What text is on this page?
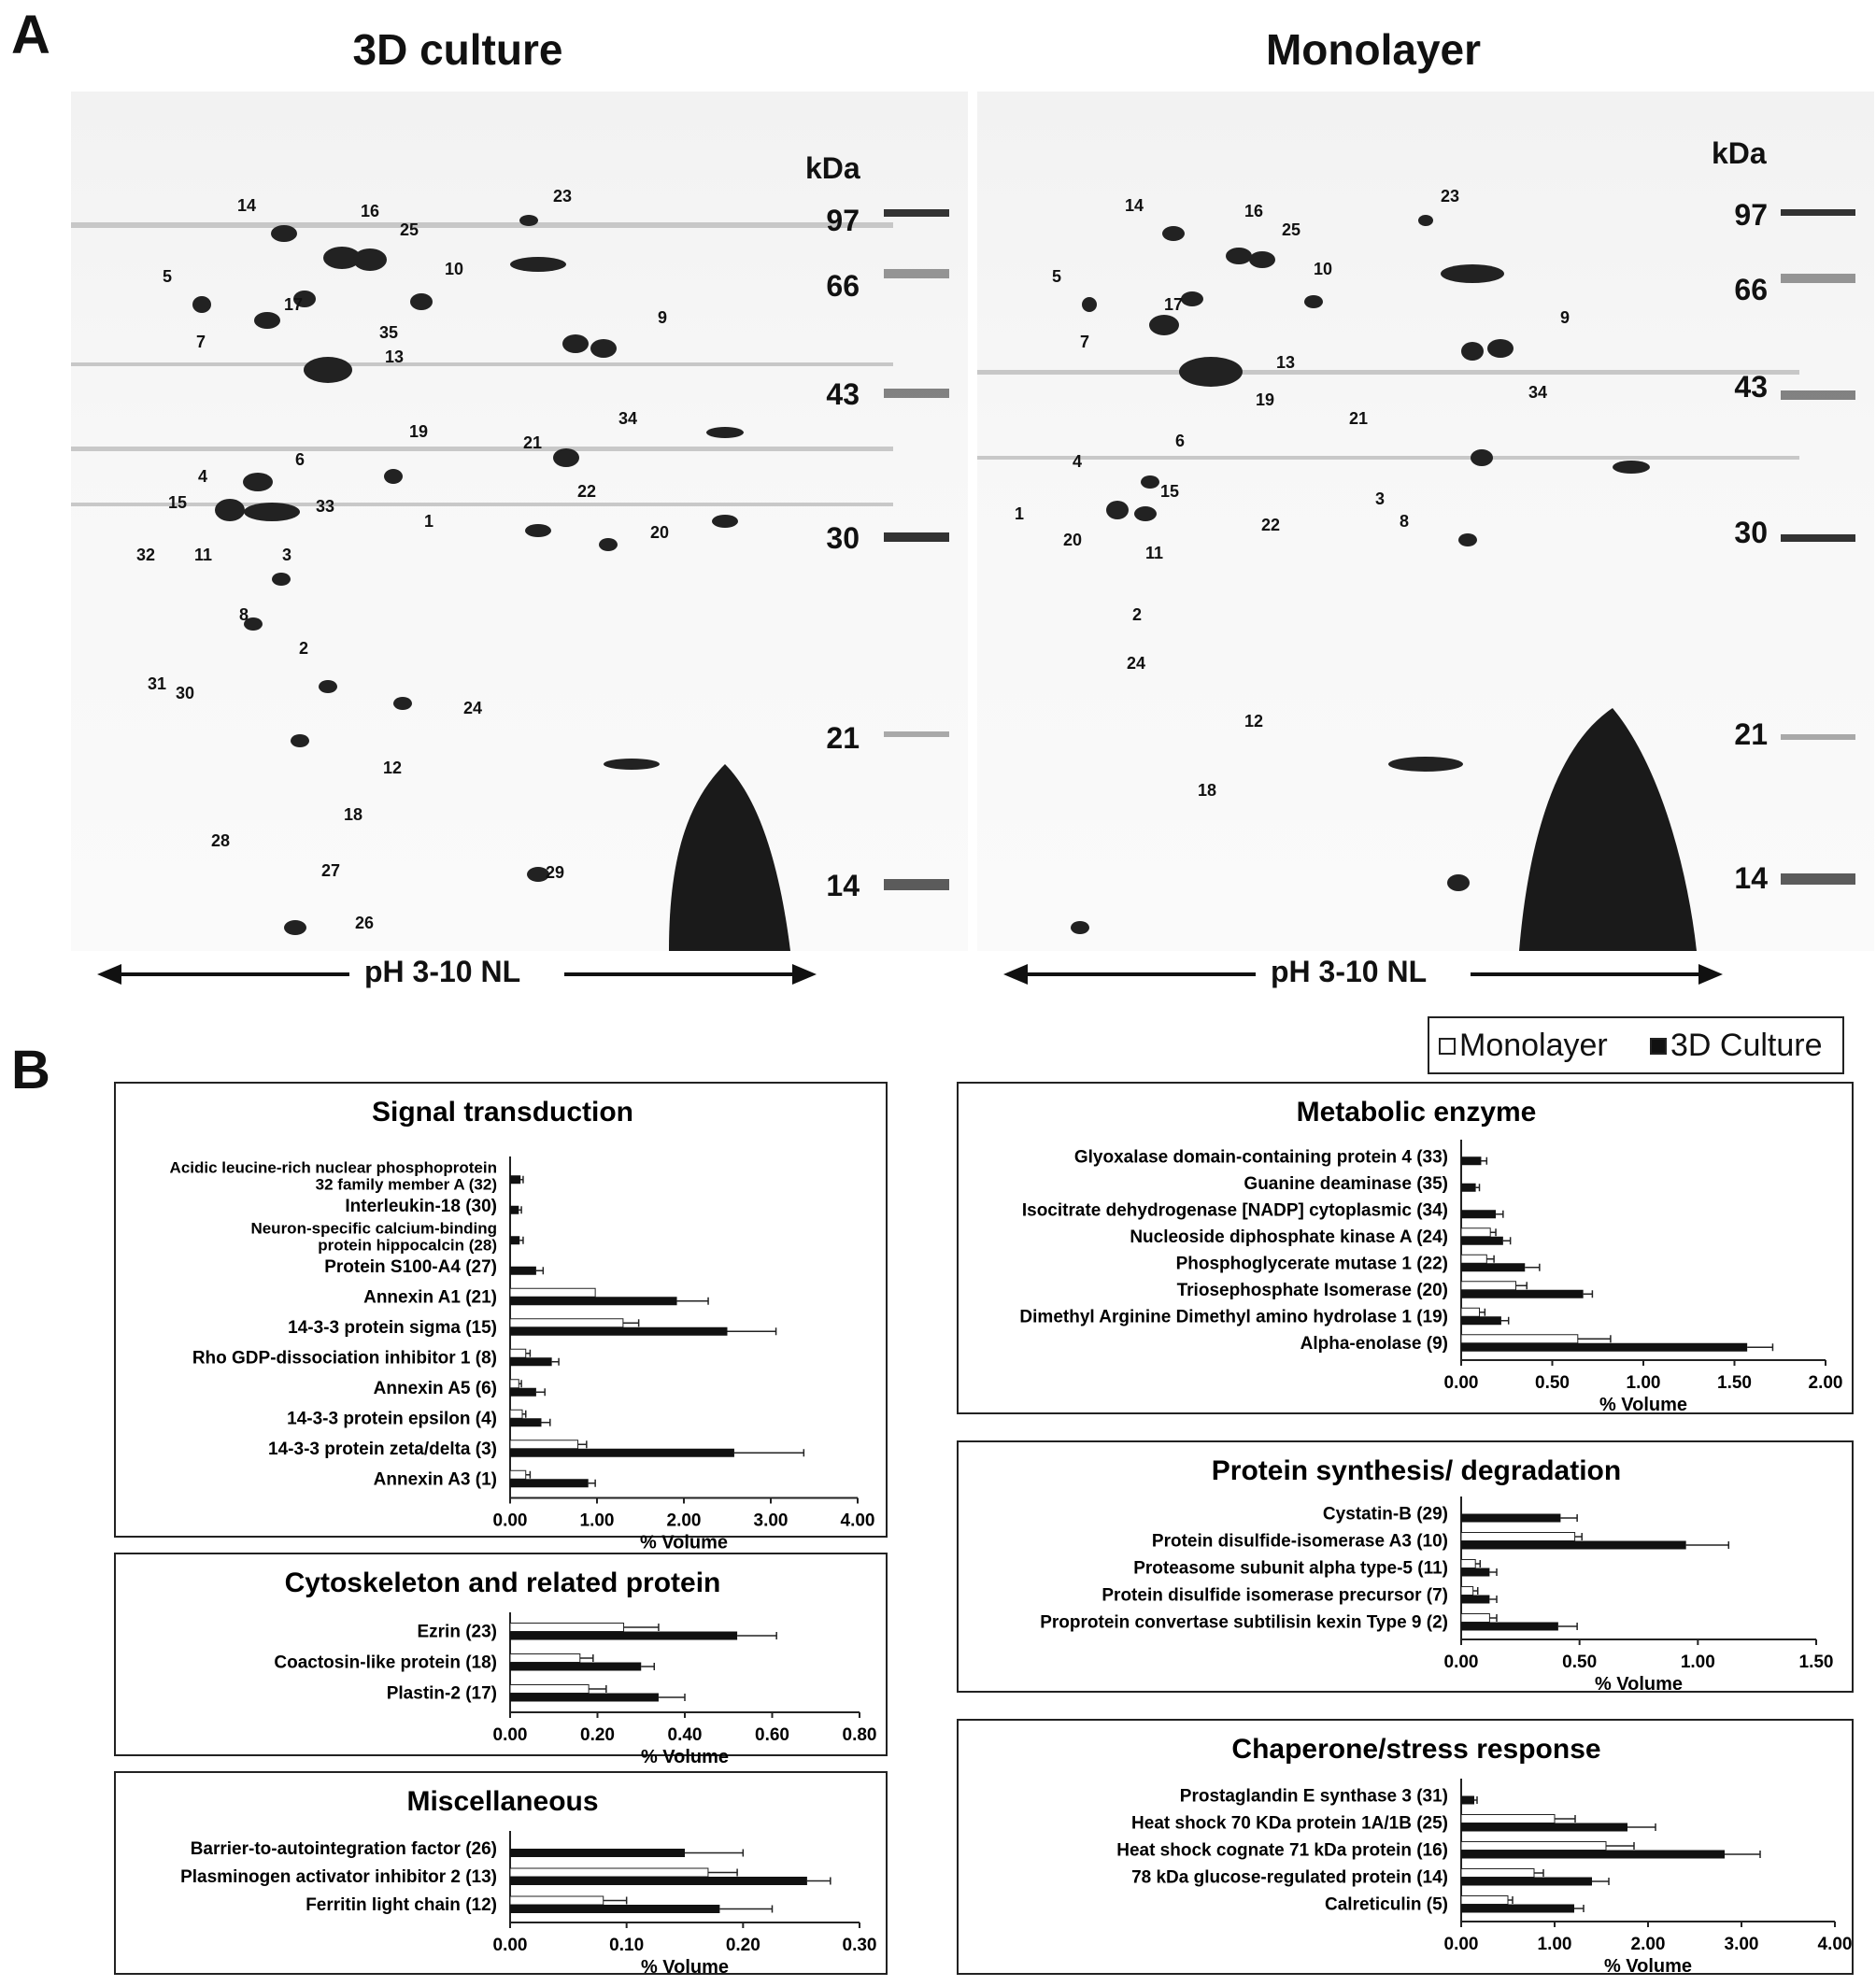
A	3D culture	Monolayer
kDa
97
66
43
30
21
14
kDa
97
66
43
30
21
14
14	16
25
23
5
17
10
7	35
13
9
34
19
21
6
4
15	33
1
22
20
32 11	3
8
31 30
2
24
12
18
28
27	29
26
14	16
25
23
5
17
10
7
13
9
34
19
21
6
4
15
1
22
20
11
3
8
2
24
12
18
pH 3-10 NL	pH 3-10 NL
B	Monolayer 3D Culture
Signal transduction
0.00	1.00	2.00	3.00	4.00
% Volume
Acidic leucine-rich nuclear phosphoprotein
32 family member A (32)
Interleukin-18 (30)
Neuron-specific calcium-binding
protein hippocalcin (28)
Protein S100-A4 (27)
Annexin A1 (21)
14-3-3 protein sigma (15)
Rho GDP-dissociation inhibitor 1 (8)
Annexin A5 (6)
14-3-3 protein epsilon (4)
14-3-3 protein zeta/delta (3)
Annexin A3 (1)
Cytoskeleton and related protein
0.00	0.20	0.40	0.60	0.80
% Volume
Ezrin (23)
Coactosin-like protein (18)
Plastin-2 (17)
Miscellaneous
0.00	0.10	0.20	0.30
% Volume
Barrier-to-autointegration factor (26)
Plasminogen activator inhibitor 2 (13)
Ferritin light chain (12)
Metabolic enzyme
0.00	0.50	1.00	1.50	2.00
% Volume
Glyoxalase domain-containing protein 4 (33)
Guanine deaminase (35)
Isocitrate dehydrogenase [NADP] cytoplasmic (34)
Nucleoside diphosphate kinase A (24)
Phosphoglycerate mutase 1 (22)
Triosephosphate Isomerase (20)
Dimethyl Arginine Dimethyl amino hydrolase 1 (19)
Alpha-enolase (9)
Protein synthesis/ degradation
0.00	0.50	1.00	1.50
% Volume
Cystatin-B (29)
Protein disulfide-isomerase A3 (10)
Proteasome subunit alpha type-5 (11)
Protein disulfide isomerase precursor (7)
Proprotein convertase subtilisin kexin Type 9 (2)
Chaperone/stress response
0.00	1.00	2.00	3.00	4.00
% Volume
Prostaglandin E synthase 3 (31)
Heat shock 70 KDa protein 1A/1B (25)
Heat shock cognate 71 kDa protein (16)
78 kDa glucose-regulated protein (14)
Calreticulin (5)
